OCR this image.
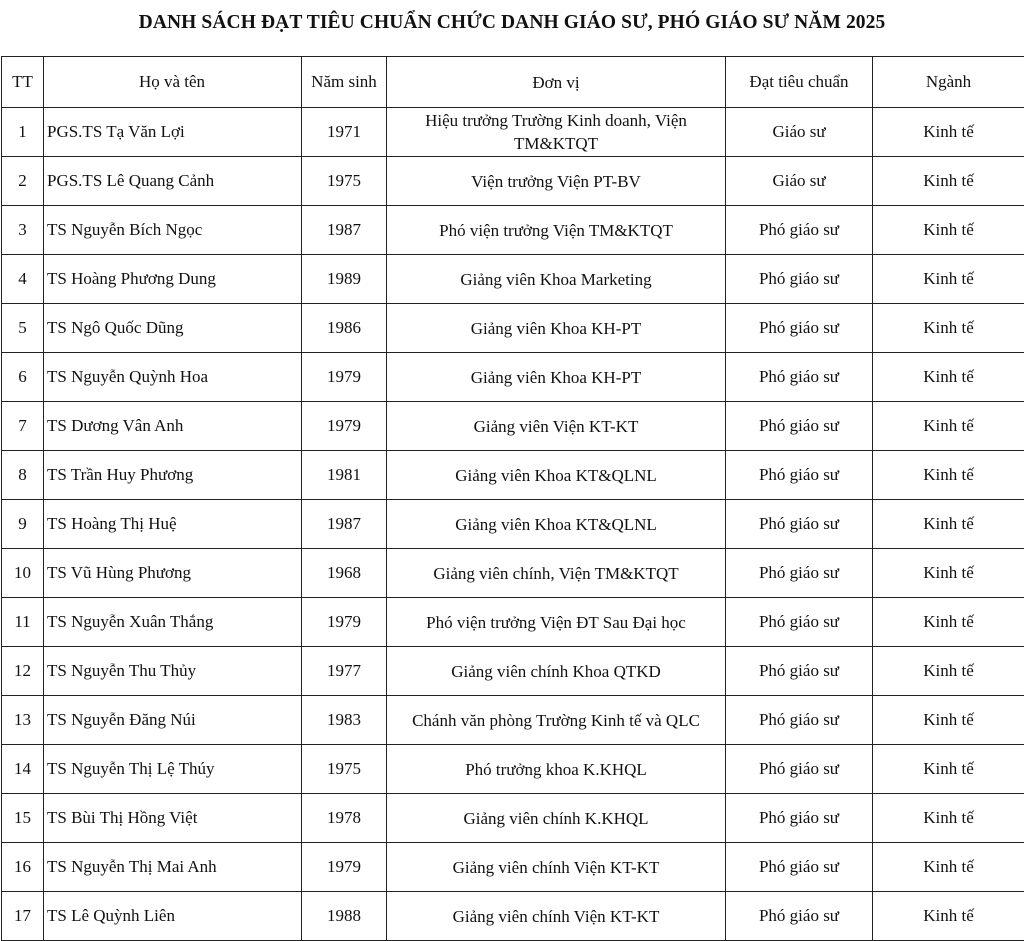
DANH SÁCH ĐẠT TIÊU CHUẨN CHỨC DANH GIÁO SƯ, PHÓ GIÁO SƯ NĂM 2025
TT	Họ và tên	Năm sinh	Đơn vị	Đạt tiêu chuẩn	Ngành
1	PGS.TS Tạ Văn Lợi	1971	Hiệu trưởng Trường Kinh doanh, Viện TM&KTQT	Giáo sư	Kinh tế
2	PGS.TS Lê Quang Cảnh	1975	Viện trưởng Viện PT-BV	Giáo sư	Kinh tế
3	TS Nguyễn Bích Ngọc	1987	Phó viện trưởng Viện TM&KTQT	Phó giáo sư	Kinh tế
4	TS Hoàng Phương Dung	1989	Giảng viên Khoa Marketing	Phó giáo sư	Kinh tế
5	TS Ngô Quốc Dũng	1986	Giảng viên Khoa KH-PT	Phó giáo sư	Kinh tế
6	TS Nguyễn Quỳnh Hoa	1979	Giảng viên Khoa KH-PT	Phó giáo sư	Kinh tế
7	TS Dương Vân Anh	1979	Giảng viên Viện KT-KT	Phó giáo sư	Kinh tế
8	TS Trần Huy Phương	1981	Giảng viên Khoa KT&QLNL	Phó giáo sư	Kinh tế
9	TS Hoàng Thị Huệ	1987	Giảng viên Khoa KT&QLNL	Phó giáo sư	Kinh tế
10	TS Vũ Hùng Phương	1968	Giảng viên chính, Viện TM&KTQT	Phó giáo sư	Kinh tế
11	TS Nguyễn Xuân Thắng	1979	Phó viện trưởng Viện ĐT Sau Đại học	Phó giáo sư	Kinh tế
12	TS Nguyễn Thu Thủy	1977	Giảng viên chính Khoa QTKD	Phó giáo sư	Kinh tế
13	TS Nguyễn Đăng Núi	1983	Chánh văn phòng Trường Kinh tế và QLC	Phó giáo sư	Kinh tế
14	TS Nguyễn Thị Lệ Thúy	1975	Phó trưởng khoa K.KHQL	Phó giáo sư	Kinh tế
15	TS Bùi Thị Hồng Việt	1978	Giảng viên chính K.KHQL	Phó giáo sư	Kinh tế
16	TS Nguyễn Thị Mai Anh	1979	Giảng viên chính Viện KT-KT	Phó giáo sư	Kinh tế
17	TS Lê Quỳnh Liên	1988	Giảng viên chính Viện KT-KT	Phó giáo sư	Kinh tế
